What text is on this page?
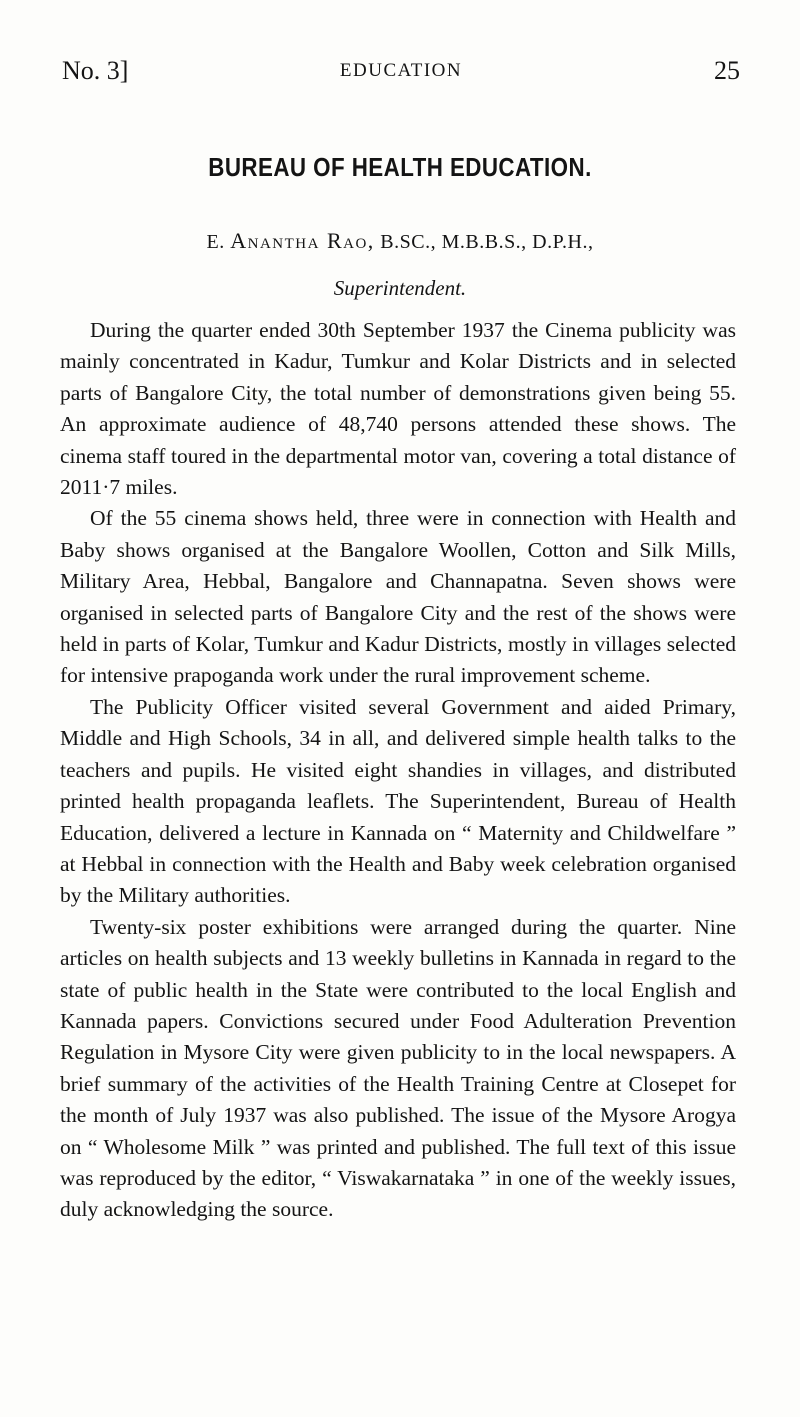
No. 3]	EDUCATION	25
BUREAU OF HEALTH EDUCATION.
E. Anantha Rao, B.SC., M.B.B.S., D.P.H.,
Superintendent.

During the quarter ended 30th September 1937 the Cinema publicity was mainly concentrated in Kadur, Tumkur and Kolar Districts and in selected parts of Bangalore City, the total number of demonstrations given being 55. An approximate audience of 48,740 persons attended these shows. The cinema staff toured in the departmental motor van, covering a total distance of 2011·7 miles.

Of the 55 cinema shows held, three were in connection with Health and Baby shows organised at the Bangalore Woollen, Cotton and Silk Mills, Military Area, Hebbal, Bangalore and Channapatna. Seven shows were organised in selected parts of Bangalore City and the rest of the shows were held in parts of Kolar, Tumkur and Kadur Districts, mostly in villages selected for intensive prapoganda work under the rural improvement scheme.

The Publicity Officer visited several Government and aided Primary, Middle and High Schools, 34 in all, and delivered simple health talks to the teachers and pupils. He visited eight shandies in villages, and distributed printed health propaganda leaflets. The Superintendent, Bureau of Health Education, delivered a lecture in Kannada on “ Maternity and Childwelfare ” at Hebbal in connection with the Health and Baby week celebration organised by the Military authorities.

Twenty-six poster exhibitions were arranged during the quarter. Nine articles on health subjects and 13 weekly bulletins in Kannada in regard to the state of public health in the State were contributed to the local English and Kannada papers. Convictions secured under Food Adulteration Prevention Regulation in Mysore City were given publicity to in the local newspapers. A brief summary of the activities of the Health Training Centre at Closepet for the month of July 1937 was also published. The issue of the Mysore Arogya on “ Wholesome Milk ” was printed and published. The full text of this issue was reproduced by the editor, “ Viswakarnataka ” in one of the weekly issues, duly acknowledging the source.
